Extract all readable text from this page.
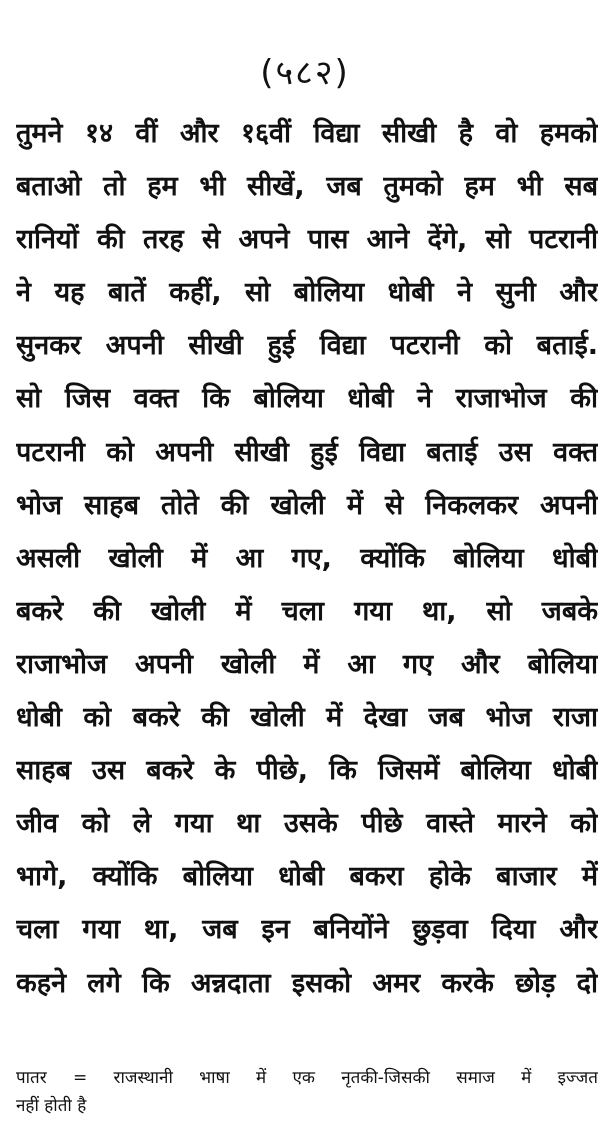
(५८२)
तुमने १४ वीं और १६वीं विद्या सीखी है वो हमको
बताओ तो हम भी सीखें, जब तुमको हम भी सब
रानियों की तरह से अपने पास आने देंगे, सो पटरानी
ने यह बातें कहीं, सो बोलिया धोबी ने सुनी और
सुनकर अपनी सीखी हुई विद्या पटरानी को बताई.
सो जिस वक्त कि बोलिया धोबी ने राजाभोज की
पटरानी को अपनी सीखी हुई विद्या बताई उस वक्त
भोज साहब तोते की खोली में से निकलकर अपनी
असली खोली में आ गए, क्योंकि बोलिया धोबी
बकरे की खोली में चला गया था, सो जबके
राजाभोज अपनी खोली में आ गए और बोलिया
धोबी को बकरे की खोली में देखा जब भोज राजा
साहब उस बकरे के पीछे, कि जिसमें बोलिया धोबी
जीव को ले गया था उसके पीछे वास्ते मारने को
भागे, क्योंकि बोलिया धोबी बकरा होके बाजार में
चला गया था, जब इन बनियोंने छुड़वा दिया और
कहने लगे कि अन्नदाता इसको अमर करके छोड़ दो
पातर = राजस्थानी भाषा में एक नृतकी-जिसकी समाज में इज्जत
नहीं होती है
